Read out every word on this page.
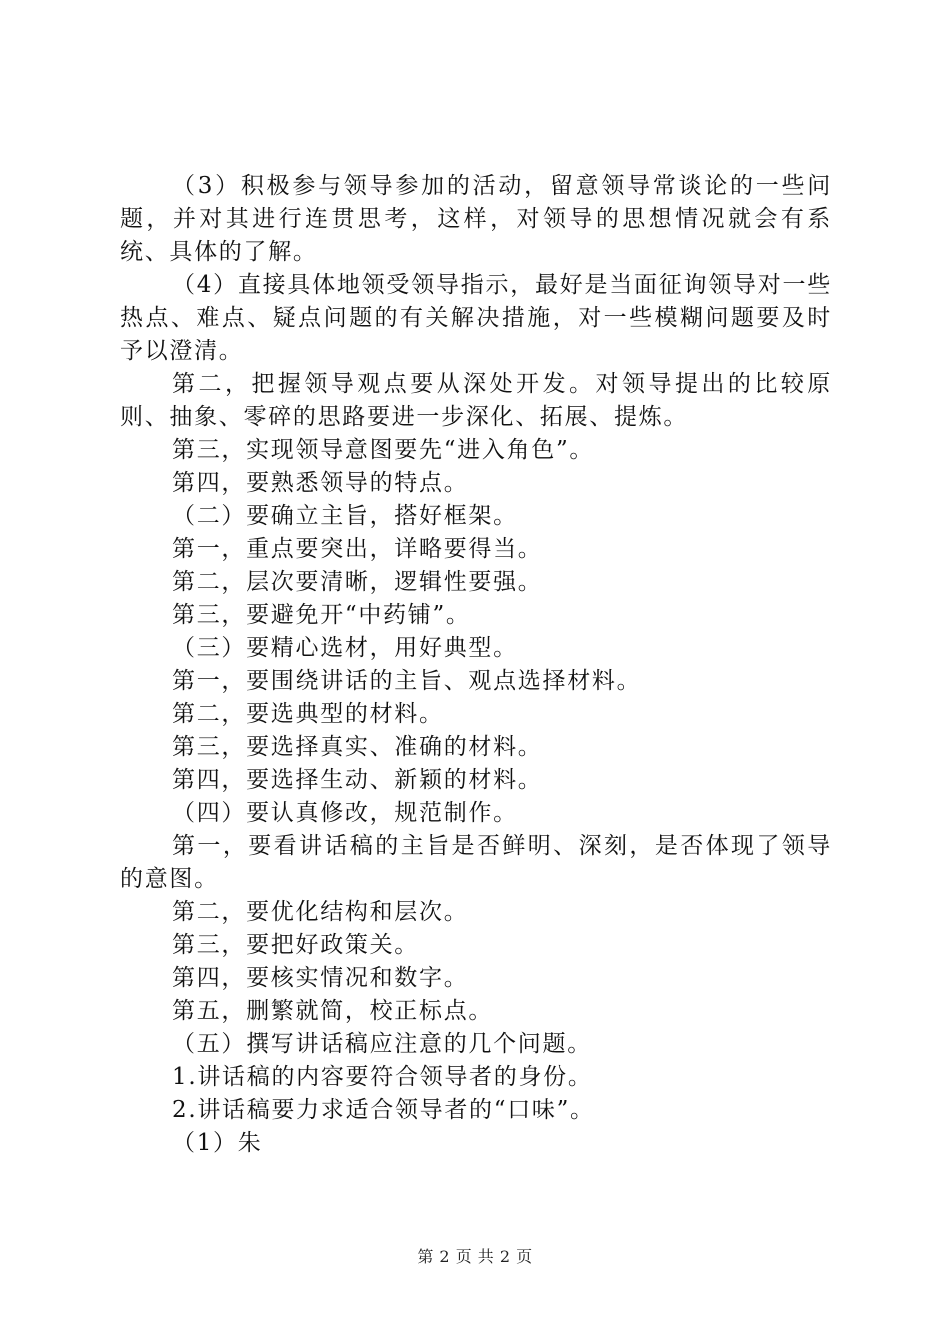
（3）积极参与领导参加的活动，留意领导常谈论的一些问题，并对其进行连贯思考，这样，对领导的思想情况就会有系统、具体的了解。

（4）直接具体地领受领导指示，最好是当面征询领导对一些热点、难点、疑点问题的有关解决措施，对一些模糊问题要及时予以澄清。

第二，把握领导观点要从深处开发。对领导提出的比较原则、抽象、零碎的思路要进一步深化、拓展、提炼。

第三，实现领导意图要先“进入角色”。

第四，要熟悉领导的特点。

（二）要确立主旨，搭好框架。

第一，重点要突出，详略要得当。

第二，层次要清晰，逻辑性要强。

第三，要避免开“中药铺”。

（三）要精心选材，用好典型。

第一，要围绕讲话的主旨、观点选择材料。

第二，要选典型的材料。

第三，要选择真实、准确的材料。

第四，要选择生动、新颖的材料。

（四）要认真修改，规范制作。

第一，要看讲话稿的主旨是否鲜明、深刻，是否体现了领导的意图。

第二，要优化结构和层次。

第三，要把好政策关。

第四，要核实情况和数字。

第五，删繁就简，校正标点。

（五）撰写讲话稿应注意的几个问题。

1.讲话稿的内容要符合领导者的身份。

2.讲话稿要力求适合领导者的“口味”。

（1）朱

第 2 页 共 2 页
